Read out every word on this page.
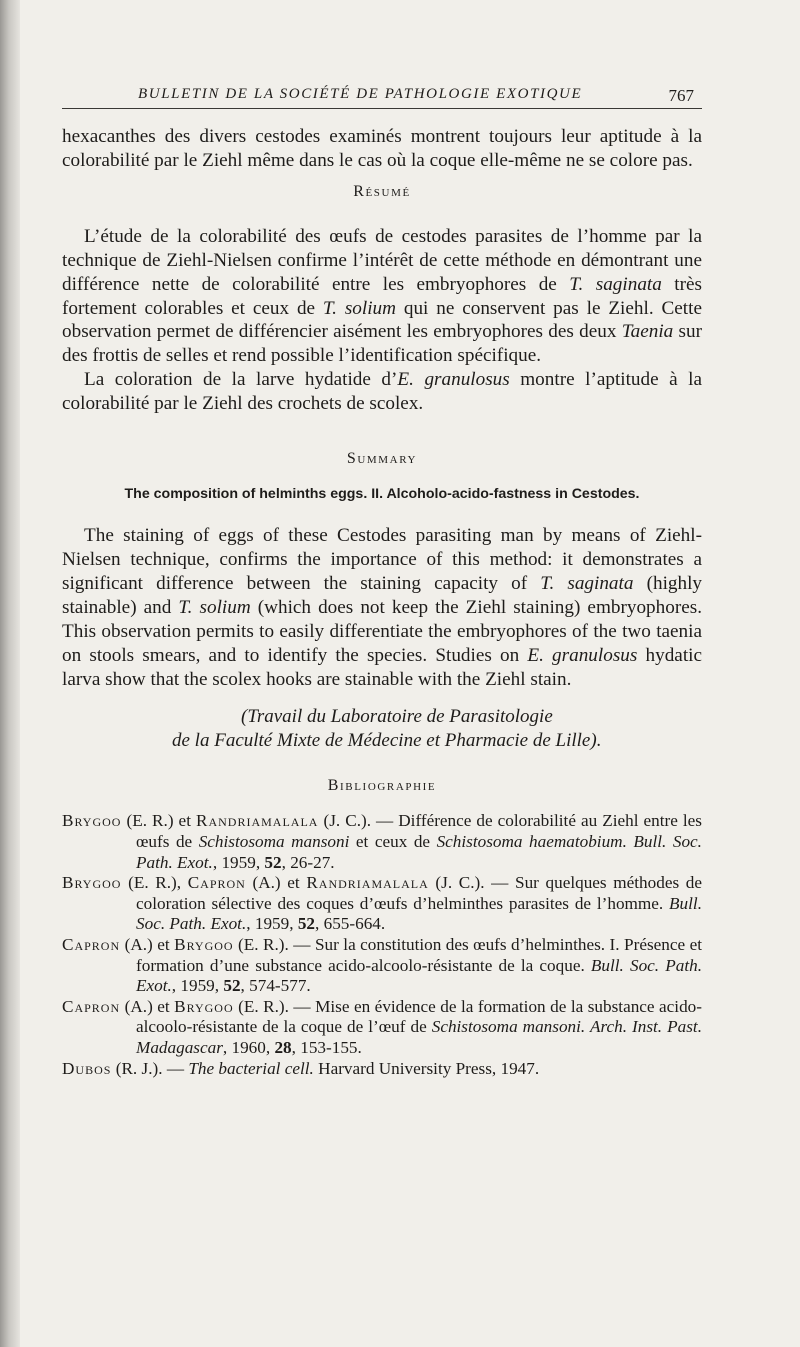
BULLETIN DE LA SOCIÉTÉ DE PATHOLOGIE EXOTIQUE	767

hexacanthes des divers cestodes examinés montrent toujours leur aptitude à la colorabilité par le Ziehl même dans le cas où la coque elle-même ne se colore pas.

Résumé

L’étude de la colorabilité des œufs de cestodes parasites de l’homme par la technique de Ziehl-Nielsen confirme l’intérêt de cette méthode en démontrant une différence nette de colorabilité entre les embryophores de T. saginata très fortement colorables et ceux de T. solium qui ne conservent pas le Ziehl. Cette observation permet de différencier aisément les embryophores des deux Taenia sur des frottis de selles et rend possible l’identification spécifique.

La coloration de la larve hydatide d’E. granulosus montre l’aptitude à la colorabilité par le Ziehl des crochets de scolex.

Summary

The composition of helminths eggs. II. Alcoholo-acido-fastness in Cestodes.

The staining of eggs of these Cestodes parasiting man by means of Ziehl-Nielsen technique, confirms the importance of this method: it demonstrates a significant difference between the staining capacity of T. saginata (highly stainable) and T. solium (which does not keep the Ziehl staining) embryophores. This observation permits to easily differentiate the embryophores of the two taenia on stools smears, and to identify the species. Studies on E. granulosus hydatic larva show that the scolex hooks are stainable with the Ziehl stain.

(Travail du Laboratoire de Parasitologie

de la Faculté Mixte de Médecine et Pharmacie de Lille).

Bibliographie

Brygoo (E. R.) et Randriamalala (J. C.). — Différence de colorabilité au Ziehl entre les œufs de Schistosoma mansoni et ceux de Schistosoma haematobium. Bull. Soc. Path. Exot., 1959, 52, 26-27.

Brygoo (E. R.), Capron (A.) et Randriamalala (J. C.). — Sur quelques méthodes de coloration sélective des coques d’œufs d’helminthes parasites de l’homme. Bull. Soc. Path. Exot., 1959, 52, 655-664.

Capron (A.) et Brygoo (E. R.). — Sur la constitution des œufs d’helminthes. I. Présence et formation d’une substance acido-alcoolo-résistante de la coque. Bull. Soc. Path. Exot., 1959, 52, 574-577.

Capron (A.) et Brygoo (E. R.). — Mise en évidence de la formation de la substance acido-alcoolo-résistante de la coque de l’œuf de Schistosoma mansoni. Arch. Inst. Past. Madagascar, 1960, 28, 153-155.

Dubos (R. J.). — The bacterial cell. Harvard University Press, 1947.
